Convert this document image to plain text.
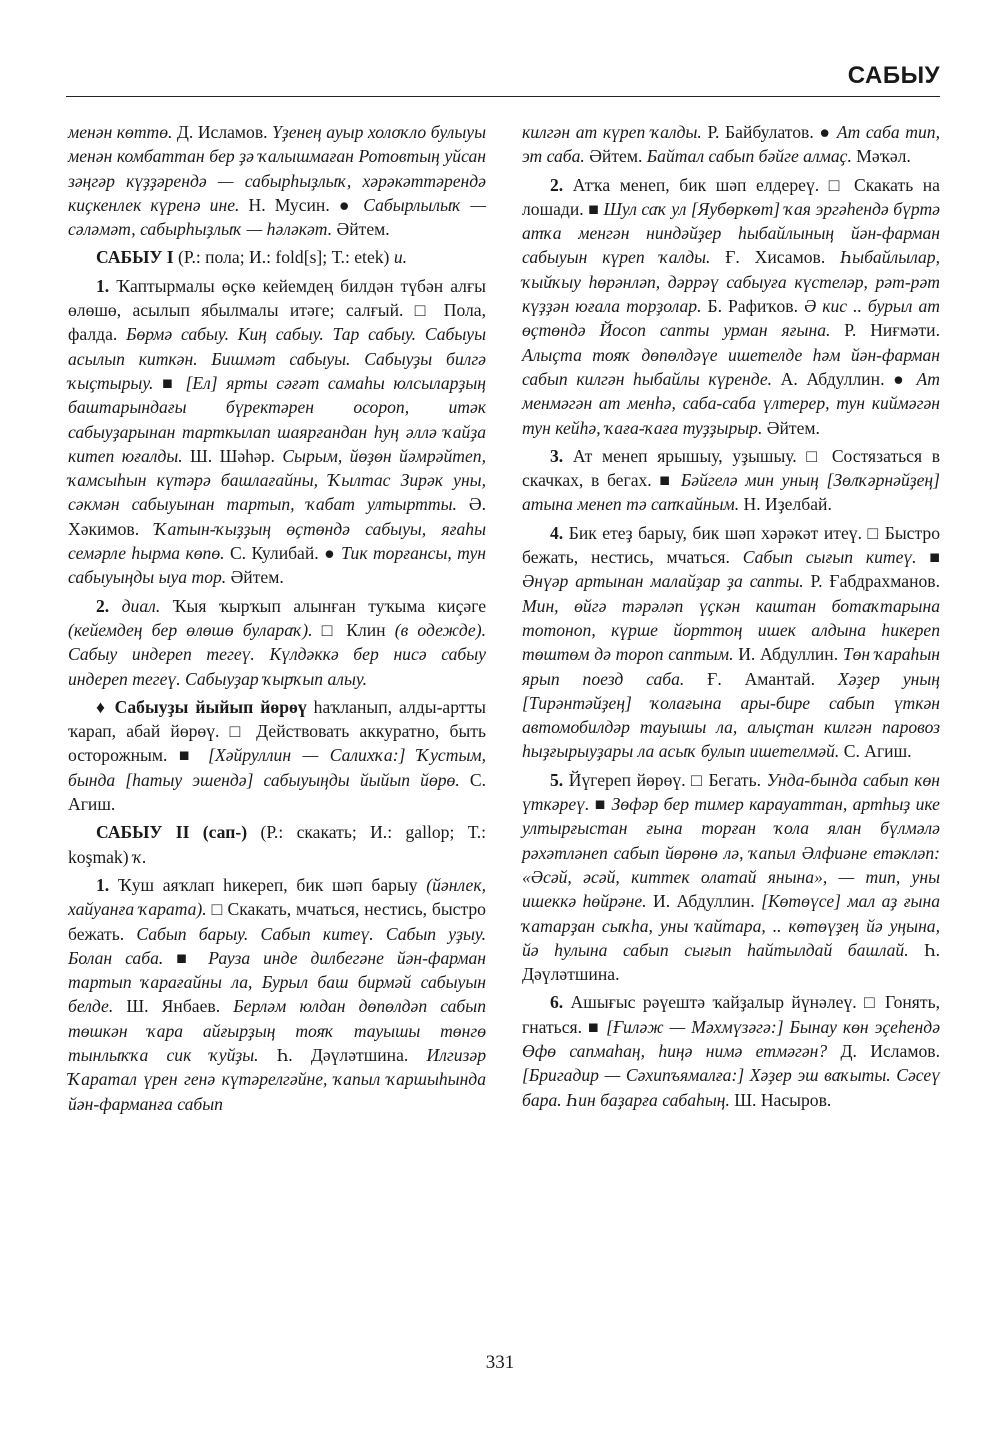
САБЫУ

менән көттө. Д. Исламов. Үҙенең ауыр холоҡло булыуы менән комбаттан бер ҙә ҡалышмаған Ротовтың уйсан зәңгәр күҙҙәрендә — сабырһыҙлыҡ, хәрәкәттәрендә киҫкенлек күренә ине. Н. Мусин. ● Сабырлылыҡ — сәләмәт, сабырһыҙлыҡ — һәләкәт. Әйтем.

САБЫУ I (Р.: пола; И.: fold[s]; Т.: etek) и.

1. Ҡаптырмалы өҫкө кейемдең билдән түбән алғы өлөшө, асылып ябылмалы итәге; салғый. □ Пола, фалда. Бөрмә сабыу. Киң сабыу. Тар сабыу. Сабыуы асылып киткән. Бишмәт сабыуы. Сабыуҙы билгә ҡыҫтырыу. ■ [Ел] ярты сәғәт самаһы юлсыларҙың баштарындағы бүректәрен осороп, итәк сабыуҙарынан тарткылап шаярғандан һуң әллә ҡайҙа китеп юғалды. Ш. Шәһәр. Сырым, йөҙөн йәмрәйтеп, ҡамсыһын күтәрә башлағайны, Ҡылтас Зирәк уны, сәкмән сабыуынан тартып, ҡабат ултыртты. Ә. Хәкимов. Ҡатын-ҡыҙҙың өҫтөндә сабыуы, яғаһы семәрле һырма көпө. С. Кулибай. ● Тик торғансы, тун сабыуыңды ыуа тор. Әйтем.

2. диал. Ҡыя ҡырҡып алынған туҡыма киҫәге (кейемдең бер өлөшө булараҡ). □ Клин (в одежде). Сабыу индереп тегеү. Күлдәккә бер нисә сабыу индереп тегеү. Сабыуҙар ҡырҡып алыу.

♦ Сабыуҙы йыйып йөрөү һаҡланып, алды-артты ҡарап, абай йөрөү. □ Действовать аккуратно, быть осторожным. ■ [Хәйруллин — Салихҡа:] Ҡустым, бында [һатыу эшендә] сабыуыңды йыйып йөрө. С. Агиш.

САБЫУ II (сап-) (Р.: скакать; И.: gallop; Т.: koşmak) ҡ.

1. Ҡуш аяҡлап һикереп, бик шәп барыу (йәнлек, хайуанға ҡарата). □ Скакать, мчаться, нестись, быстро бежать. Сабып барыу. Сабып китеү. Сабып уҙыу. Болан саба. ■ Рауза инде дилбегәне йән-фарман тартып ҡарағайны ла, Бурыл баш бирмәй сабыуын белде. Ш. Янбаев. Берләм юлдан дөпөлдәп сабып төшкән ҡара айғырҙың тояҡ тауышы төнгө тынлыҡҡа сик ҡуйҙы. Һ. Дәүләтшина. Илгизәр Ҡаратал үрен генә күтәрелгәйне, ҡапыл ҡаршыһында йән-фарманға сабып

килгән ат күреп ҡалды. Р. Байбулатов. ● Ат саба тип, эт саба. Әйтем. Байтал сабып бәйге алмаҫ. Мәҡәл.

2. Атҡа менеп, бик шәп елдереү. □ Скакать на лошади. ■ Шул саҡ ул [Яубөркөт] ҡая эргәһендә бүртә атҡа менгән ниндәйҙер һыбайлының йән-фарман сабыуын күреп ҡалды. Ғ. Хисамов. Һыбайлылар, ҡыйҡыу һөрәнләп, дәррәү сабыуға күстеләр, рәт-рәт күҙҙән юғала торҙолар. Б. Рафиҡов. Ә кис .. бурыл ат өҫтөндә Йосоп сапты урман яғына. Р. Ниғмәти. Алыҫта тояҡ дөпөлдәүе ишетелде һәм йән-фарман сабып килгән һыбайлы күренде. А. Абдуллин. ● Ат менмәгән ат менһә, саба-саба үлтерер, тун киймәгән тун кейһә, ҡаға-ҡаға туҙҙырыр. Әйтем.

3. Ат менеп ярышыу, уҙышыу. □ Состязаться в скачках, в бегах. ■ Бәйгелә мин уның [Зөлҡәрнәйҙең] атына менеп тә сапҡайным. Н. Иҙелбай.

4. Бик етеҙ барыу, бик шәп хәрәкәт итеү. □ Быстро бежать, нестись, мчаться. Сабып сығып китеү. ■ Әнүәр артынан малайҙар ҙа сапты. Р. Ғабдрахманов. Мин, өйгә тәрәләп үҫкән каштан ботаҡтарына тотоноп, күрше йорттоң ишек алдына һикереп төштөм дә тороп саптым. И. Абдуллин. Төн ҡараһын ярып поезд саба. Ғ. Амантай. Хәҙер уның [Тирәнтәйҙең] ҡолағына ары-бире сабып үткән автомобилдәр тауышы ла, алыҫтан килгән паровоз һыҙғырыуҙары ла асыҡ булып ишетелмәй. С. Агиш.

5. Йүгереп йөрөү. □ Бегать. Унда-бында сабып көн үткәреү. ■ Зөфәр бер тимер карауаттан, артһыҙ ике ултырғыстан ғына торған ҡола ялан бүлмәлә рәхәтләнеп сабып йөрөнө лә, ҡапыл Әлфиәне етәкләп: «Әсәй, әсәй, киттек олатай янына», — тип, уны ишеккә һөйрәне. И. Абдуллин. [Көтөүсе] мал аҙ ғына ҡатарҙан сыҡһа, уны ҡайтара, .. көтөүҙең йә уңына, йә һулына сабып сығып һайтылдай башлай. Һ. Дәүләтшина.

6. Ашығыс рәүештә ҡайҙалыр йүнәлеү. □ Гонять, гнаться. ■ [Ғиләж — Мәхмүзәгә:] Бынау көн эҫеһендә Өфө сапмаһаң, һиңә нимә етмәгән? Д. Исламов. [Бригадир — Сәхипъямалға:] Хәҙер эш ваҡыты. Сәсеү бара. Һин баҙарға сабаһың. Ш. Насыров.

331
